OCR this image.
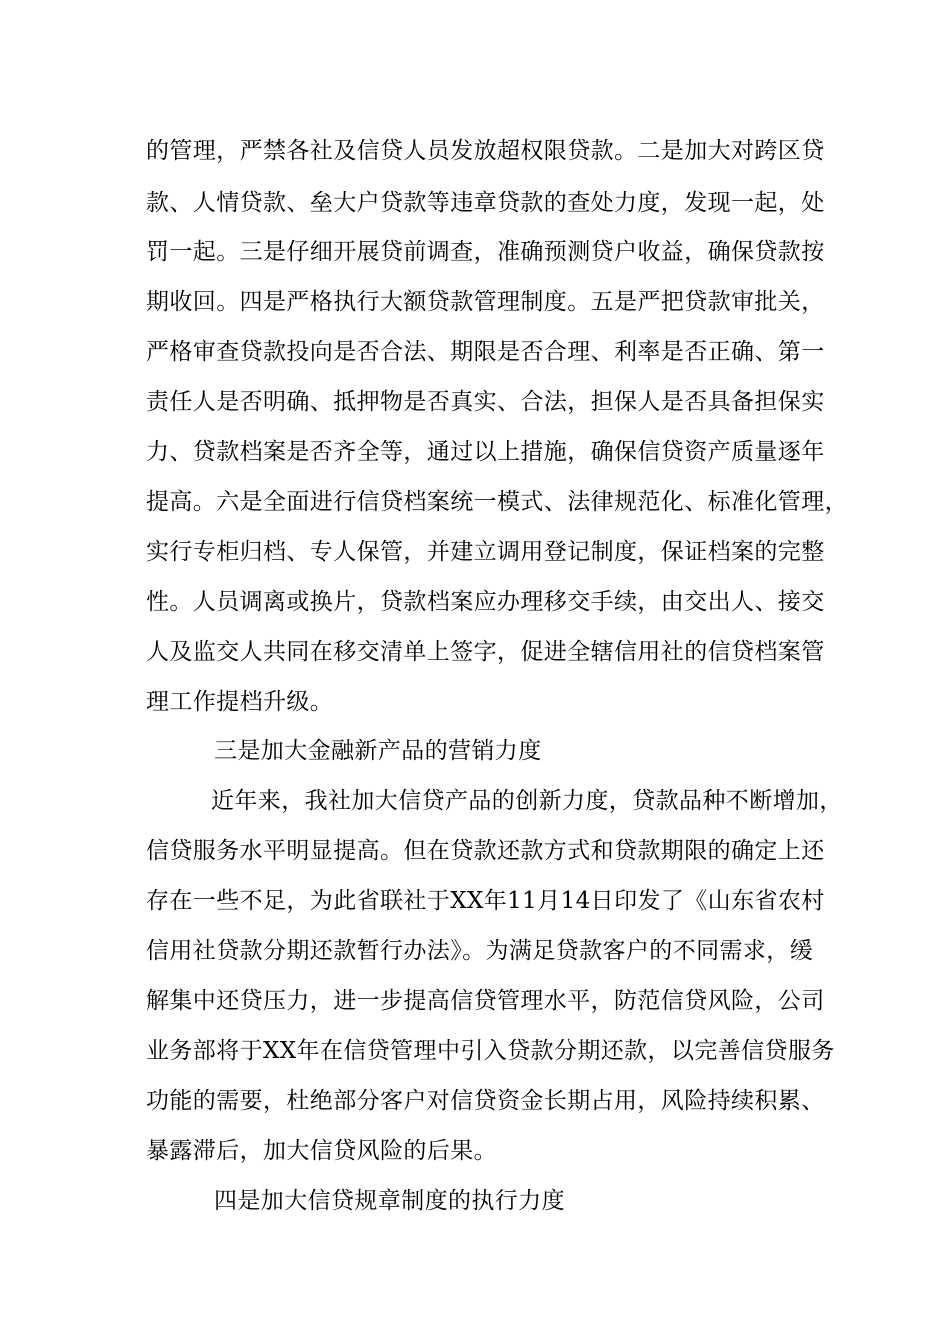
的管理，严禁各社及信贷人员发放超权限贷款。二是加大对跨区贷

款、人情贷款、垒大户贷款等违章贷款的查处力度，发现一起，处

罚一起。三是仔细开展贷前调查，准确预测贷户收益，确保贷款按

期收回。四是严格执行大额贷款管理制度。五是严把贷款审批关，

严格审查贷款投向是否合法、期限是否合理、利率是否正确、第一

责任人是否明确、抵押物是否真实、合法，担保人是否具备担保实

力、贷款档案是否齐全等，通过以上措施，确保信贷资产质量逐年

提高。六是全面进行信贷档案统一模式、法律规范化、标准化管理，

实行专柜归档、专人保管，并建立调用登记制度，保证档案的完整

性。人员调离或换片，贷款档案应办理移交手续，由交出人、接交

人及监交人共同在移交清单上签字，促进全辖信用社的信贷档案管

理工作提档升级。

三是加大金融新产品的营销力度

近年来，我社加大信贷产品的创新力度，贷款品种不断增加，

信贷服务水平明显提高。但在贷款还款方式和贷款期限的确定上还

存在一些不足，为此省联社于XX年11月14日印发了《山东省农村

信用社贷款分期还款暂行办法》。为满足贷款客户的不同需求，缓

解集中还贷压力，进一步提高信贷管理水平，防范信贷风险，公司

业务部将于XX年在信贷管理中引入贷款分期还款，以完善信贷服务

功能的需要，杜绝部分客户对信贷资金长期占用，风险持续积累、

暴露滞后，加大信贷风险的后果。

四是加大信贷规章制度的执行力度
